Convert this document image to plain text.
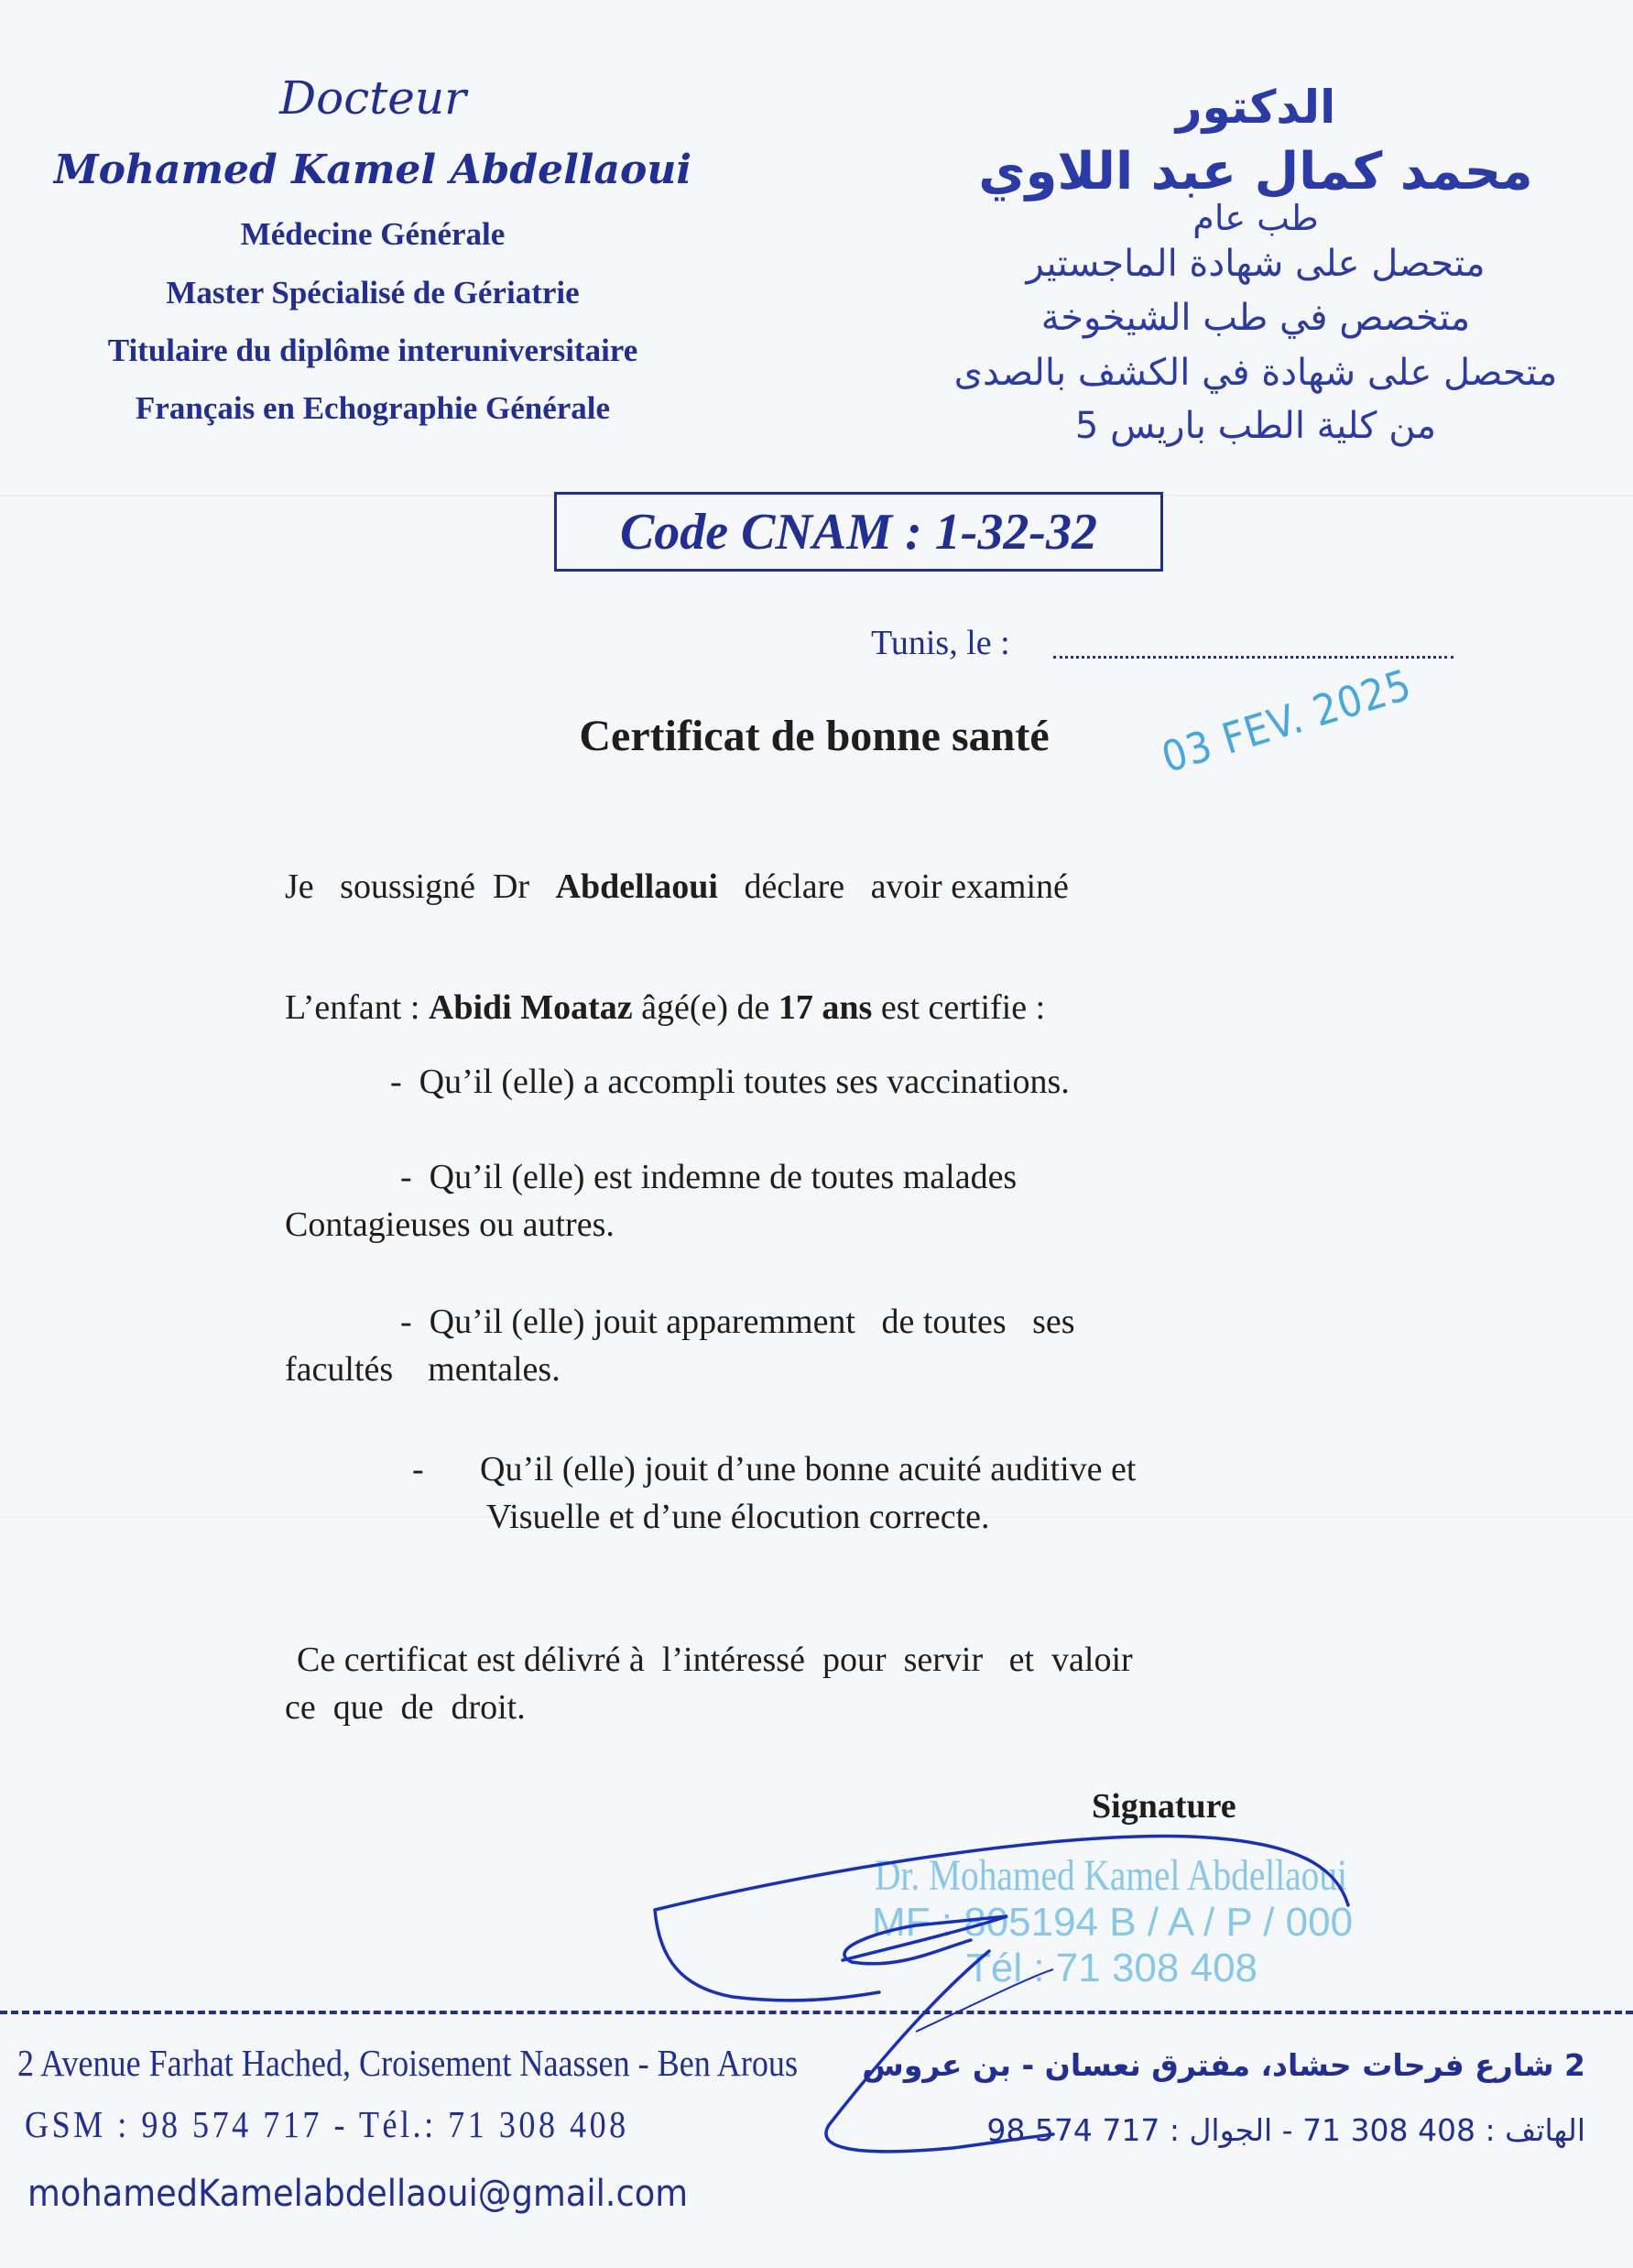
Docteur
Mohamed Kamel Abdellaoui
Médecine Générale
Master Spécialisé de Gériatrie
Titulaire du diplôme interuniversitaire
Français en Echographie Générale
الدكتور
محمد كمال عبد اللاوي
طب عام
متحصل على شهادة الماجستير
متخصص في طب الشيخوخة
متحصل على شهادة في الكشف بالصدى
من كلية الطب باريس 5
Code CNAM : 1-32-32
Tunis, le :
Certificat de bonne santé	03 FEV. 2025
Je   soussigné  Dr Abdellaoui déclare   avoir examiné
L’enfant : Abidi Moataz âgé(e) de 17 ans est certifie :
- Qu’il (elle) a accompli toutes ses vaccinations.
- Qu’il (elle) est indemne de toutes malades
Contagieuses ou autres.
- Qu’il (elle) jouit apparemment   de toutes   ses
facultés    mentales.
- Qu’il (elle) jouit d’une bonne acuité auditive et
Visuelle et d’une élocution correcte.
Ce certificat est délivré à  l’intéressé  pour  servir   et  valoir
ce  que  de  droit.
Signature
Dr. Mohamed Kamel Abdellaoui
MF : 805194 B / A / P / 000
Tél : 71 308 408
2 Avenue Farhat Hached, Croisement Naassen - Ben Arous
GSM : 98 574 717 - Tél.: 71 308 408
mohamedKamelabdellaoui@gmail.com
2 شارع فرحات حشاد، مفترق نعسان - بن عروس
الهاتف : 408 308 71 - الجوال : 717 574 98
